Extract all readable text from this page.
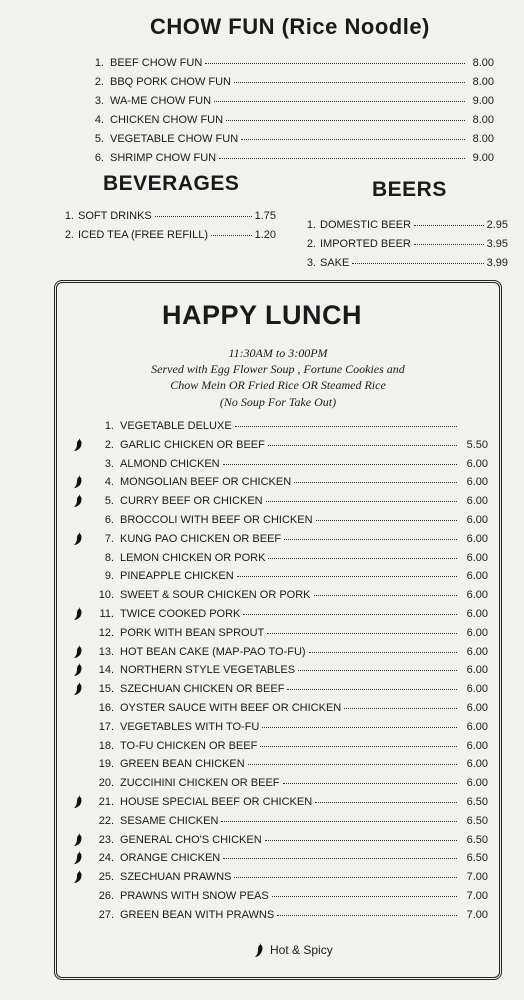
CHOW FUN (Rice Noodle)
1. BEEF CHOW FUN	8.00
2. BBQ PORK CHOW FUN	8.00
3. WA-ME CHOW FUN	9.00
4. CHICKEN CHOW FUN	8.00
5. VEGETABLE CHOW FUN	8.00
6. SHRIMP CHOW FUN	9.00
BEVERAGES
1. SOFT DRINKS	1.75
2. ICED TEA (FREE REFILL)	1.20
BEERS
1. DOMESTIC BEER	2.95
2. IMPORTED BEER	3.95
3. SAKE	3.99
HAPPY LUNCH
11:30AM to 3:00PM
Served with Egg Flower Soup , Fortune Cookies and
Chow Mein OR Fried Rice OR Steamed Rice
(No Soup For Take Out)
1. VEGETABLE DELUXE
2. GARLIC CHICKEN OR BEEF	5.50
3. ALMOND CHICKEN	6.00
4. MONGOLIAN BEEF OR CHICKEN	6.00
5. CURRY BEEF OR CHICKEN	6.00
6. BROCCOLI WITH BEEF OR CHICKEN	6.00
7. KUNG PAO CHICKEN OR BEEF	6.00
8. LEMON CHICKEN OR PORK	6.00
9. PINEAPPLE CHICKEN	6.00
10. SWEET & SOUR CHICKEN OR PORK	6.00
11. TWICE COOKED PORK	6.00
12. PORK WITH BEAN SPROUT	6.00
13. HOT BEAN CAKE (MAP-PAO TO-FU)	6.00
14. NORTHERN STYLE VEGETABLES	6.00
15. SZECHUAN CHICKEN OR BEEF	6.00
16. OYSTER SAUCE WITH BEEF OR CHICKEN	6.00
17. VEGETABLES WITH TO-FU	6.00
18. TO-FU CHICKEN OR BEEF	6.00
19. GREEN BEAN CHICKEN	6.00
20. ZUCCIHINI CHICKEN OR BEEF	6.00
21. HOUSE SPECIAL BEEF OR CHICKEN	6.50
22. SESAME CHICKEN	6.50
23. GENERAL CHO'S CHICKEN	6.50
24. ORANGE CHICKEN	6.50
25. SZECHUAN PRAWNS	7.00
26. PRAWNS WITH SNOW PEAS	7.00
27. GREEN BEAN WITH PRAWNS	7.00
Hot & Spicy
